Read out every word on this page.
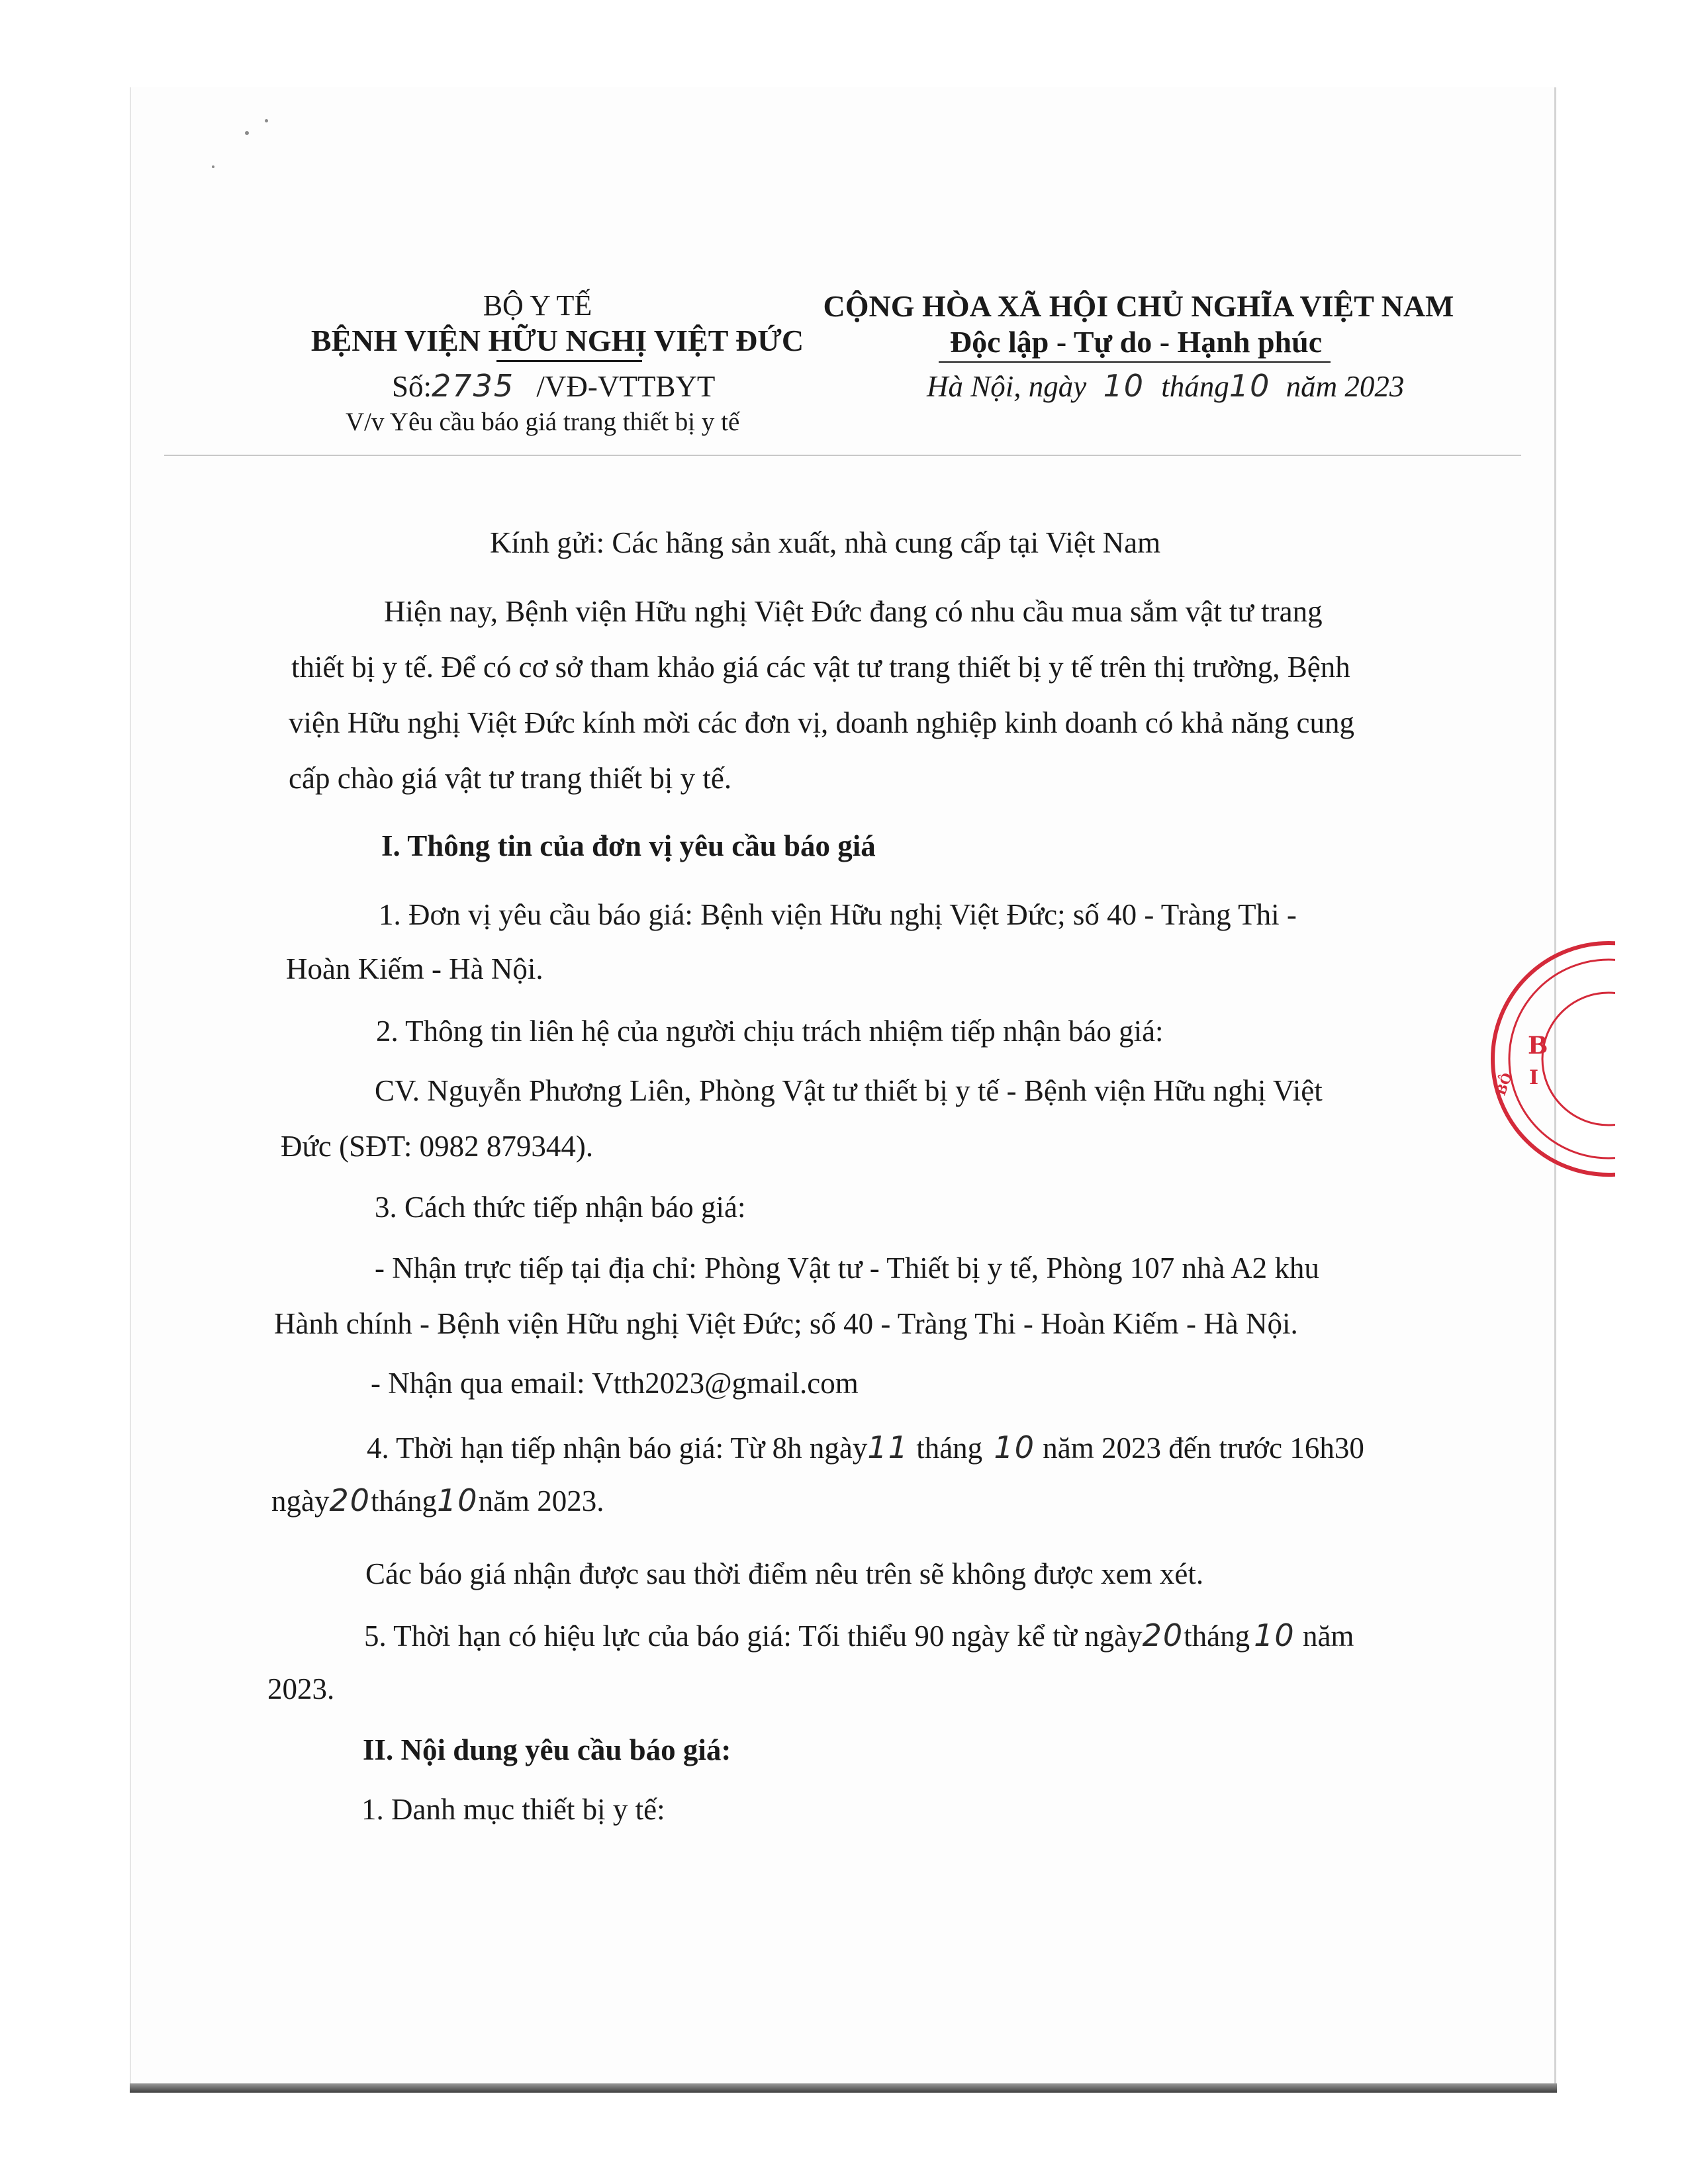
BỘ Y TẾ
BỆNH VIỆN HỮU NGHỊ VIỆT ĐỨC
Số:2735 /VĐ-VTTBYT
V/v Yêu cầu báo giá trang thiết bị y tế
CỘNG HÒA XÃ HỘI CHỦ NGHĨA VIỆT NAM
Độc lập - Tự do - Hạnh phúc
Hà Nội, ngày 10 tháng10 năm 2023
Kính gửi: Các hãng sản xuất, nhà cung cấp tại Việt Nam
Hiện nay, Bệnh viện Hữu nghị Việt Đức đang có nhu cầu mua sắm vật tư trang
thiết bị y tế. Để có cơ sở tham khảo giá các vật tư trang thiết bị y tế trên thị trường, Bệnh
viện Hữu nghị Việt Đức kính mời các đơn vị, doanh nghiệp kinh doanh có khả năng cung
cấp chào giá vật tư trang thiết bị y tế.
I. Thông tin của đơn vị yêu cầu báo giá
1. Đơn vị yêu cầu báo giá: Bệnh viện Hữu nghị Việt Đức; số 40 - Tràng Thi -
Hoàn Kiếm - Hà Nội.
2. Thông tin liên hệ của người chịu trách nhiệm tiếp nhận báo giá:
CV. Nguyễn Phương Liên, Phòng Vật tư thiết bị y tế - Bệnh viện Hữu nghị Việt
Đức (SĐT: 0982 879344).
3. Cách thức tiếp nhận báo giá:
- Nhận trực tiếp tại địa chỉ: Phòng Vật tư - Thiết bị y tế, Phòng 107 nhà A2 khu
Hành chính - Bệnh viện Hữu nghị Việt Đức; số 40 - Tràng Thi - Hoàn Kiếm - Hà Nội.
- Nhận qua email: Vtth2023@gmail.com
4. Thời hạn tiếp nhận báo giá: Từ 8h ngày11 tháng 10 năm 2023 đến trước 16h30
ngày20tháng10năm 2023.
Các báo giá nhận được sau thời điểm nêu trên sẽ không được xem xét.
5. Thời hạn có hiệu lực của báo giá: Tối thiểu 90 ngày kể từ ngày20tháng 10 năm
2023.
II. Nội dung yêu cầu báo giá:
1. Danh mục thiết bị y tế:
B
I
BỘ
